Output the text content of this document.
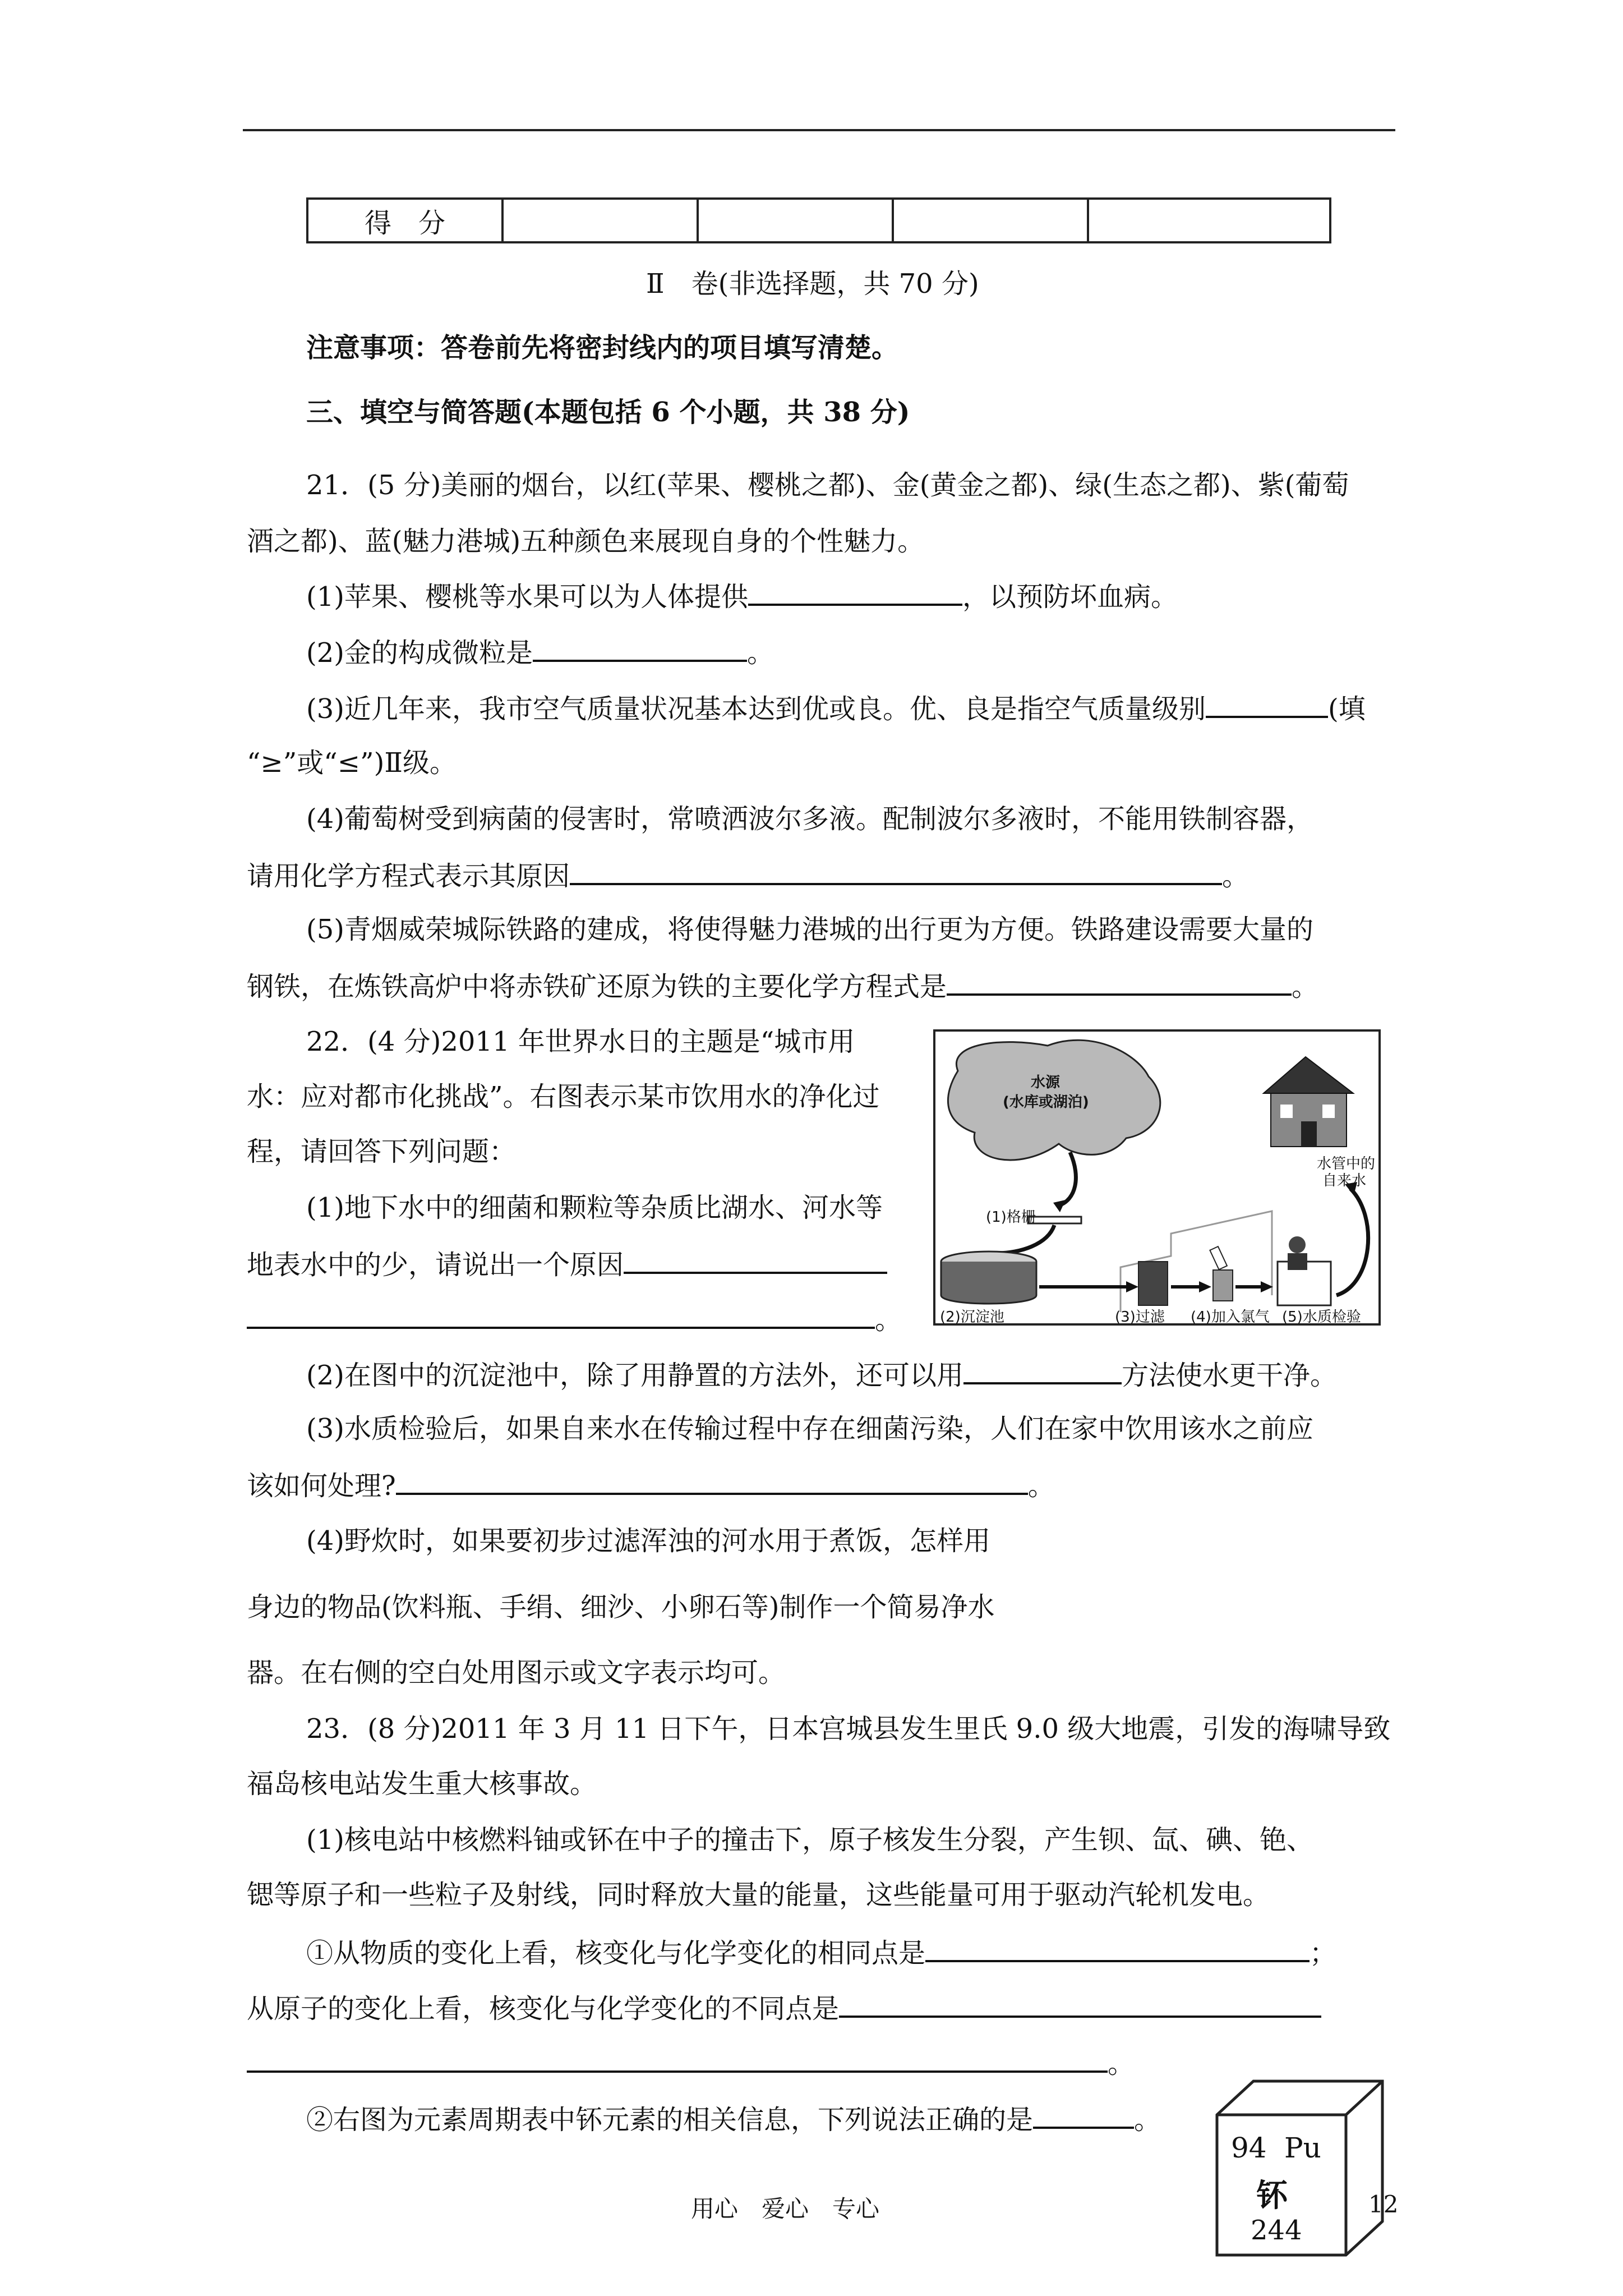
得　分				
Ⅱ　卷(非选择题，共 70 分)
注意事项：答卷前先将密封线内的项目填写清楚。
三、填空与简答题(本题包括 6 个小题，共 38 分)
21．(5 分)美丽的烟台，以红(苹果、樱桃之都)、金(黄金之都)、绿(生态之都)、紫(葡萄
酒之都)、蓝(魅力港城)五种颜色来展现自身的个性魅力。
(1)苹果、樱桃等水果可以为人体提供	，以预防坏血病。
(2)金的构成微粒是	。
(3)近几年来，我市空气质量状况基本达到优或良。优、良是指空气质量级别	(填
“≥”或“≤”)Ⅱ级。
(4)葡萄树受到病菌的侵害时，常喷洒波尔多液。配制波尔多液时，不能用铁制容器，
请用化学方程式表示其原因	。
(5)青烟威荣城际铁路的建成，将使得魅力港城的出行更为方便。铁路建设需要大量的
钢铁，在炼铁高炉中将赤铁矿还原为铁的主要化学方程式是	。
22．(4 分)2011 年世界水日的主题是“城市用
水：应对都市化挑战”。右图表示某市饮用水的净化过
程，请回答下列问题：
(1)地下水中的细菌和颗粒等杂质比湖水、河水等
地表水中的少，请说出一个原因
。
水源
(水库或湖泊)
水管中的
自来水
(1)格栅
(2)沉淀池	(3)过滤 (4)加入氯气 (5)水质检验
(2)在图中的沉淀池中，除了用静置的方法外，还可以用	方法使水更干净。
(3)水质检验后，如果自来水在传输过程中存在细菌污染，人们在家中饮用该水之前应
该如何处理?	。
(4)野炊时，如果要初步过滤浑浊的河水用于煮饭，怎样用
身边的物品(饮料瓶、手绢、细沙、小卵石等)制作一个简易净水
器。在右侧的空白处用图示或文字表示均可。
23．(8 分)2011 年 3 月 11 日下午，日本宫城县发生里氏 9.0 级大地震，引发的海啸导致
福岛核电站发生重大核事故。
(1)核电站中核燃料铀或钚在中子的撞击下，原子核发生分裂，产生钡、氙、碘、铯、
锶等原子和一些粒子及射线，同时释放大量的能量，这些能量可用于驱动汽轮机发电。
①从物质的变化上看，核变化与化学变化的相同点是	；
从原子的变化上看，核变化与化学变化的不同点是
。
②右图为元素周期表中钚元素的相关信息，下列说法正确的是	。
94 Pu
钚
244
用心　爱心　专心	12
